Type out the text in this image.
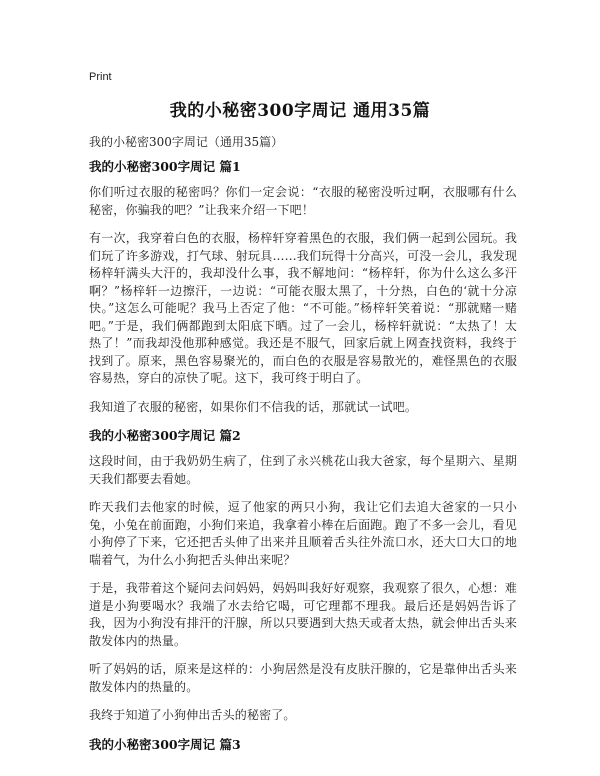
Print
我的小秘密300字周记 通用35篇
我的小秘密300字周记（通用35篇）
我的小秘密300字周记 篇1

你们听过衣服的秘密吗？你们一定会说：“衣服的秘密没听过啊，衣服哪有什么秘密，你骗我的吧？”让我来介绍一下吧！

有一次，我穿着白色的衣服，杨梓轩穿着黑色的衣服，我们俩一起到公园玩。我们玩了许多游戏，打气球、射玩具……我们玩得十分高兴，可没一会儿，我发现杨梓轩满头大汗的，我却没什么事，我不解地问：“杨梓轩，你为什么这么多汗啊？”杨梓轩一边擦汗，一边说：“可能衣服太黑了，十分热，白色的‘就十分凉快。”这怎么可能呢？我马上否定了他：“不可能。”杨梓轩笑着说：“那就赌一赌吧。”于是，我们俩都跑到太阳底下晒。过了一会儿，杨梓轩就说：“太热了！太热了！”而我却没他那种感觉。我还是不服气，回家后就上网查找资料，我终于找到了。原来，黑色容易聚光的，而白色的衣服是容易散光的，难怪黑色的衣服容易热，穿白的凉快了呢。这下，我可终于明白了。

我知道了衣服的秘密，如果你们不信我的话，那就试一试吧。

我的小秘密300字周记 篇2

这段时间，由于我奶奶生病了，住到了永兴桃花山我大爸家，每个星期六、星期天我们都要去看她。

昨天我们去他家的时候，逗了他家的两只小狗，我让它们去追大爸家的一只小兔，小兔在前面跑，小狗们来追，我拿着小棒在后面跑。跑了不多一会儿，看见小狗停了下来，它还把舌头伸了出来并且顺着舌头往外流口水，还大口大口的地喘着气，为什么小狗把舌头伸出来呢？

于是，我带着这个疑问去问妈妈，妈妈叫我好好观察，我观察了很久，心想：难道是小狗要喝水？我端了水去给它喝，可它理都不理我。最后还是妈妈告诉了我，因为小狗没有排汗的汗腺，所以只要遇到大热天或者太热，就会伸出舌头来散发体内的热量。

听了妈妈的话，原来是这样的：小狗居然是没有皮肤汗腺的，它是靠伸出舌头来散发体内的热量的。

我终于知道了小狗伸出舌头的秘密了。

我的小秘密300字周记 篇3
